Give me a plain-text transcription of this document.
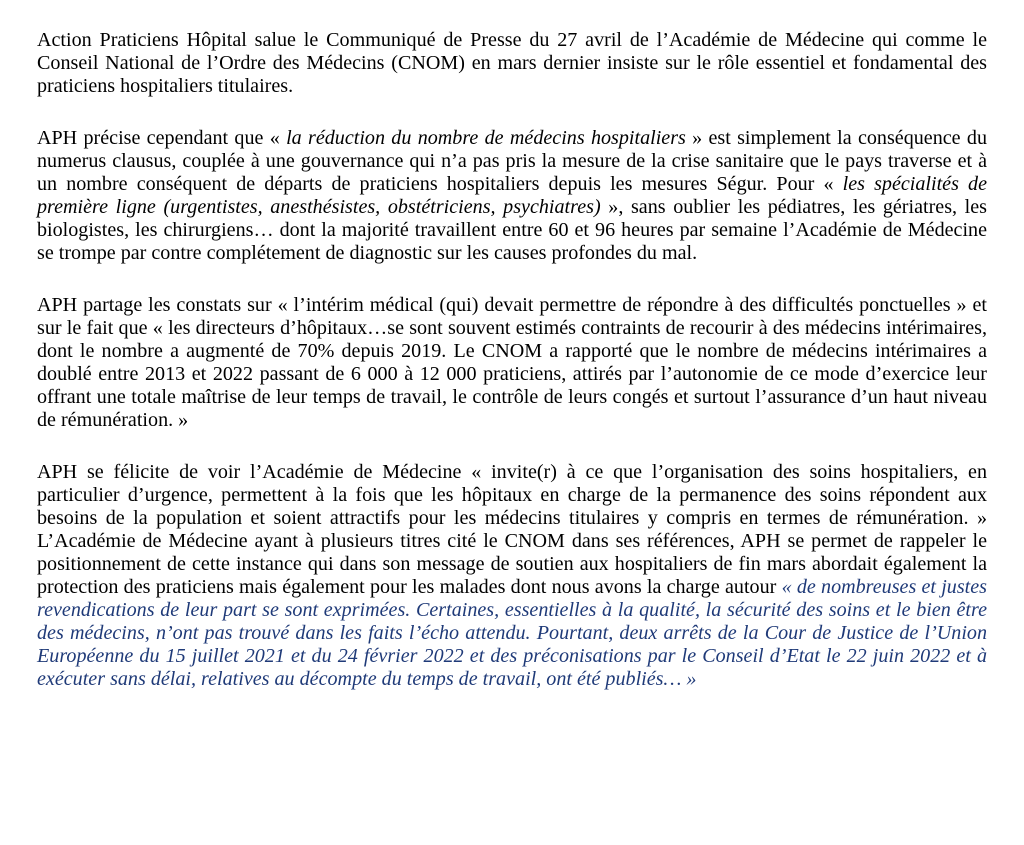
Action Praticiens Hôpital salue le Communiqué de Presse du 27 avril de l’Académie de Médecine qui comme le Conseil National de l’Ordre des Médecins (CNOM) en mars dernier insiste sur le rôle essentiel et fondamental des praticiens hospitaliers titulaires.

APH précise cependant que « la réduction du nombre de médecins hospitaliers » est simplement la conséquence du numerus clausus, couplée à une gouvernance qui n’a pas pris la mesure de la crise sanitaire que le pays traverse et à un nombre conséquent de départs de praticiens hospitaliers depuis les mesures Ségur. Pour « les spécialités de première ligne (urgentistes, anesthésistes, obstétriciens, psychiatres) », sans oublier les pédiatres, les gériatres, les biologistes, les chirurgiens… dont la majorité travaillent entre 60 et 96 heures par semaine l’Académie de Médecine se trompe par contre complétement de diagnostic sur les causes profondes du mal.

APH partage les constats sur « l’intérim médical (qui) devait permettre de répondre à des difficultés ponctuelles » et sur le fait que « les directeurs d’hôpitaux…se sont souvent estimés contraints de recourir à des médecins intérimaires, dont le nombre a augmenté de 70% depuis 2019. Le CNOM a rapporté que le nombre de médecins intérimaires a doublé entre 2013 et 2022 passant de 6 000 à 12 000 praticiens, attirés par l’autonomie de ce mode d’exercice leur offrant une totale maîtrise de leur temps de travail, le contrôle de leurs congés et surtout l’assurance d’un haut niveau de rémunération. »

APH se félicite de voir l’Académie de Médecine « invite(r) à ce que l’organisation des soins hospitaliers, en particulier d’urgence, permettent à la fois que les hôpitaux en charge de la permanence des soins répondent aux besoins de la population et soient attractifs pour les médecins titulaires y compris en termes de rémunération. » L’Académie de Médecine ayant à plusieurs titres cité le CNOM dans ses références, APH se permet de rappeler le positionnement de cette instance qui dans son message de soutien aux hospitaliers de fin mars abordait également la protection des praticiens mais également pour les malades dont nous avons la charge autour « de nombreuses et justes revendications de leur part se sont exprimées. Certaines, essentielles à la qualité, la sécurité des soins et le bien être des médecins, n’ont pas trouvé dans les faits l’écho attendu. Pourtant, deux arrêts de la Cour de Justice de l’Union Européenne du 15 juillet 2021 et du 24 février 2022 et des préconisations par le Conseil d’Etat le 22 juin 2022 et à exécuter sans délai, relatives au décompte du temps de travail, ont été publiés… »
